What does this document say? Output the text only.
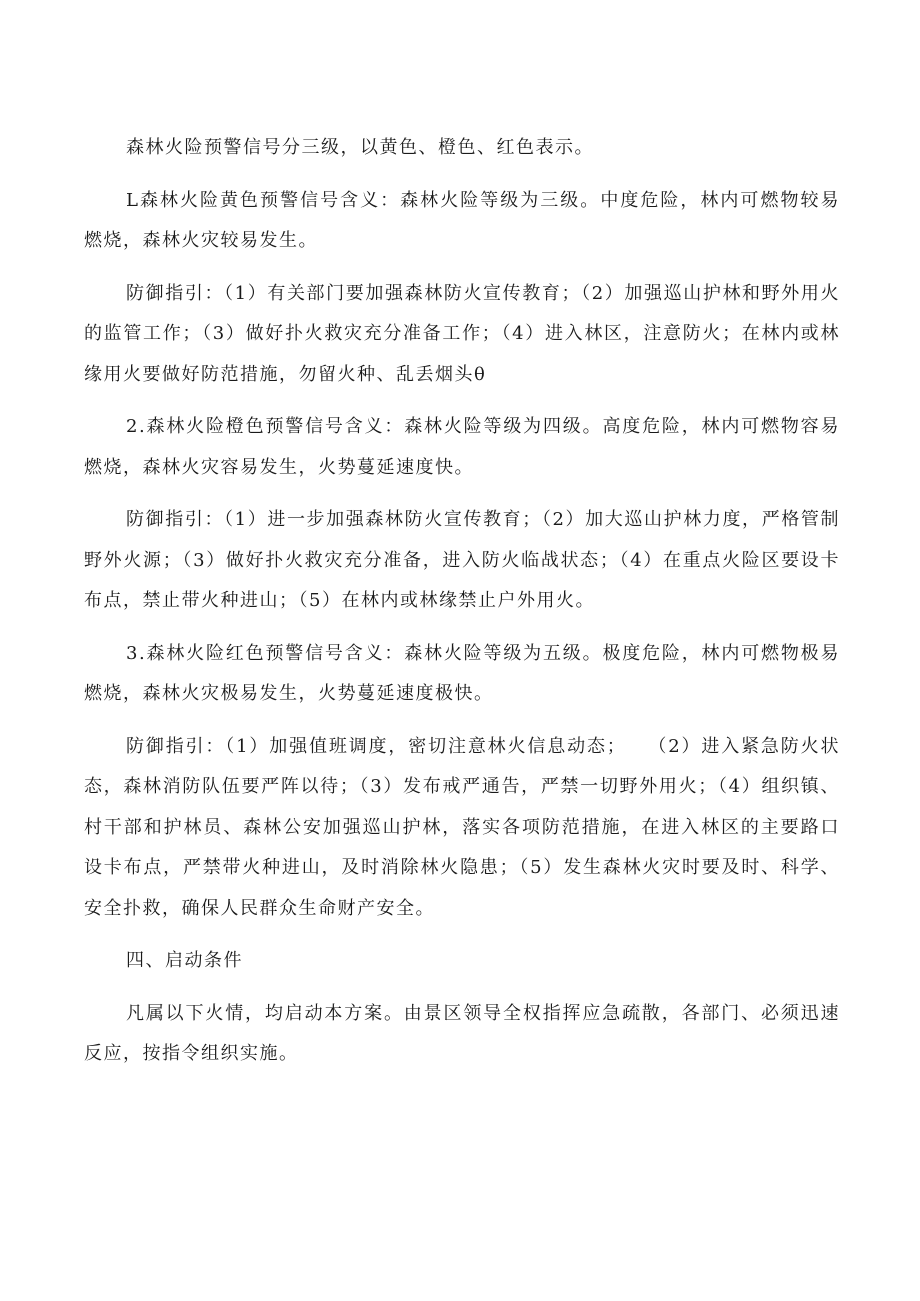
森林火险预警信号分三级，以黄色、橙色、红色表示。

L森林火险黄色预警信号含义：森林火险等级为三级。中度危险，林内可燃物较易燃烧，森林火灾较易发生。

防御指引：（1）有关部门要加强森林防火宣传教育；（2）加强巡山护林和野外用火的监管工作；（3）做好扑火救灾充分准备工作；（4）进入林区，注意防火；在林内或林缘用火要做好防范措施，勿留火种、乱丢烟头θ

2.森林火险橙色预警信号含义：森林火险等级为四级。高度危险，林内可燃物容易燃烧，森林火灾容易发生，火势蔓延速度快。

防御指引：（1）进一步加强森林防火宣传教育；（2）加大巡山护林力度，严格管制野外火源；（3）做好扑火救灾充分准备，进入防火临战状态；（4）在重点火险区要设卡布点，禁止带火种进山；（5）在林内或林缘禁止户外用火。

3.森林火险红色预警信号含义：森林火险等级为五级。极度危险，林内可燃物极易燃烧，森林火灾极易发生，火势蔓延速度极快。

防御指引：（1）加强值班调度，密切注意林火信息动态；　　（2）进入紧急防火状态，森林消防队伍要严阵以待；（3）发布戒严通告，严禁一切野外用火；（4）组织镇、村干部和护林员、森林公安加强巡山护林，落实各项防范措施，在进入林区的主要路口设卡布点，严禁带火种进山，及时消除林火隐患；（5）发生森林火灾时要及时、科学、安全扑救，确保人民群众生命财产安全。

四、启动条件

凡属以下火情，均启动本方案。由景区领导全权指挥应急疏散，各部门、必须迅速反应，按指令组织实施。
